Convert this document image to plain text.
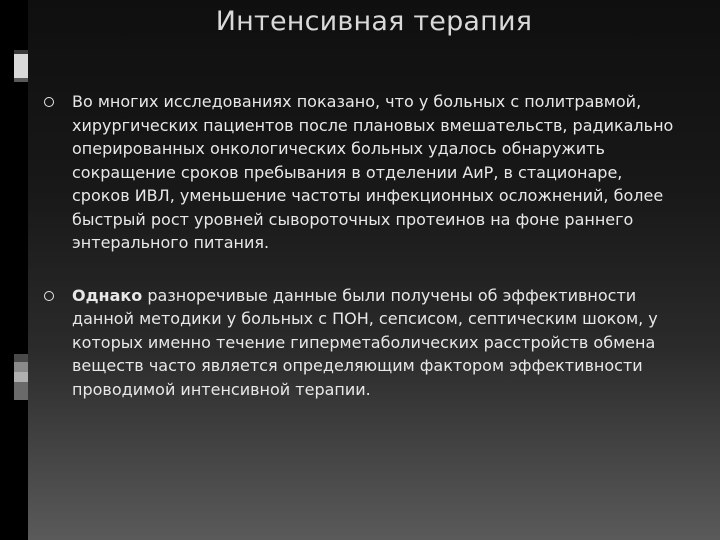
Интенсивная терапия
Во многих исследованиях показано, что у больных с политравмой, хирургических пациентов после плановых вмешательств, радикально оперированных онкологических больных удалось обнаружить сокращение сроков пребывания в отделении АиР, в стационаре, сроков ИВЛ, уменьшение частоты инфекционных осложнений, более быстрый рост уровней сывороточных протеинов на фоне раннего энтерального питания.
Однако разноречивые данные были получены об эффективности данной методики у больных с ПОН, сепсисом, септическим шоком, у которых именно течение гиперметаболических расстройств обмена веществ часто является определяющим фактором эффективности проводимой интенсивной терапии.
